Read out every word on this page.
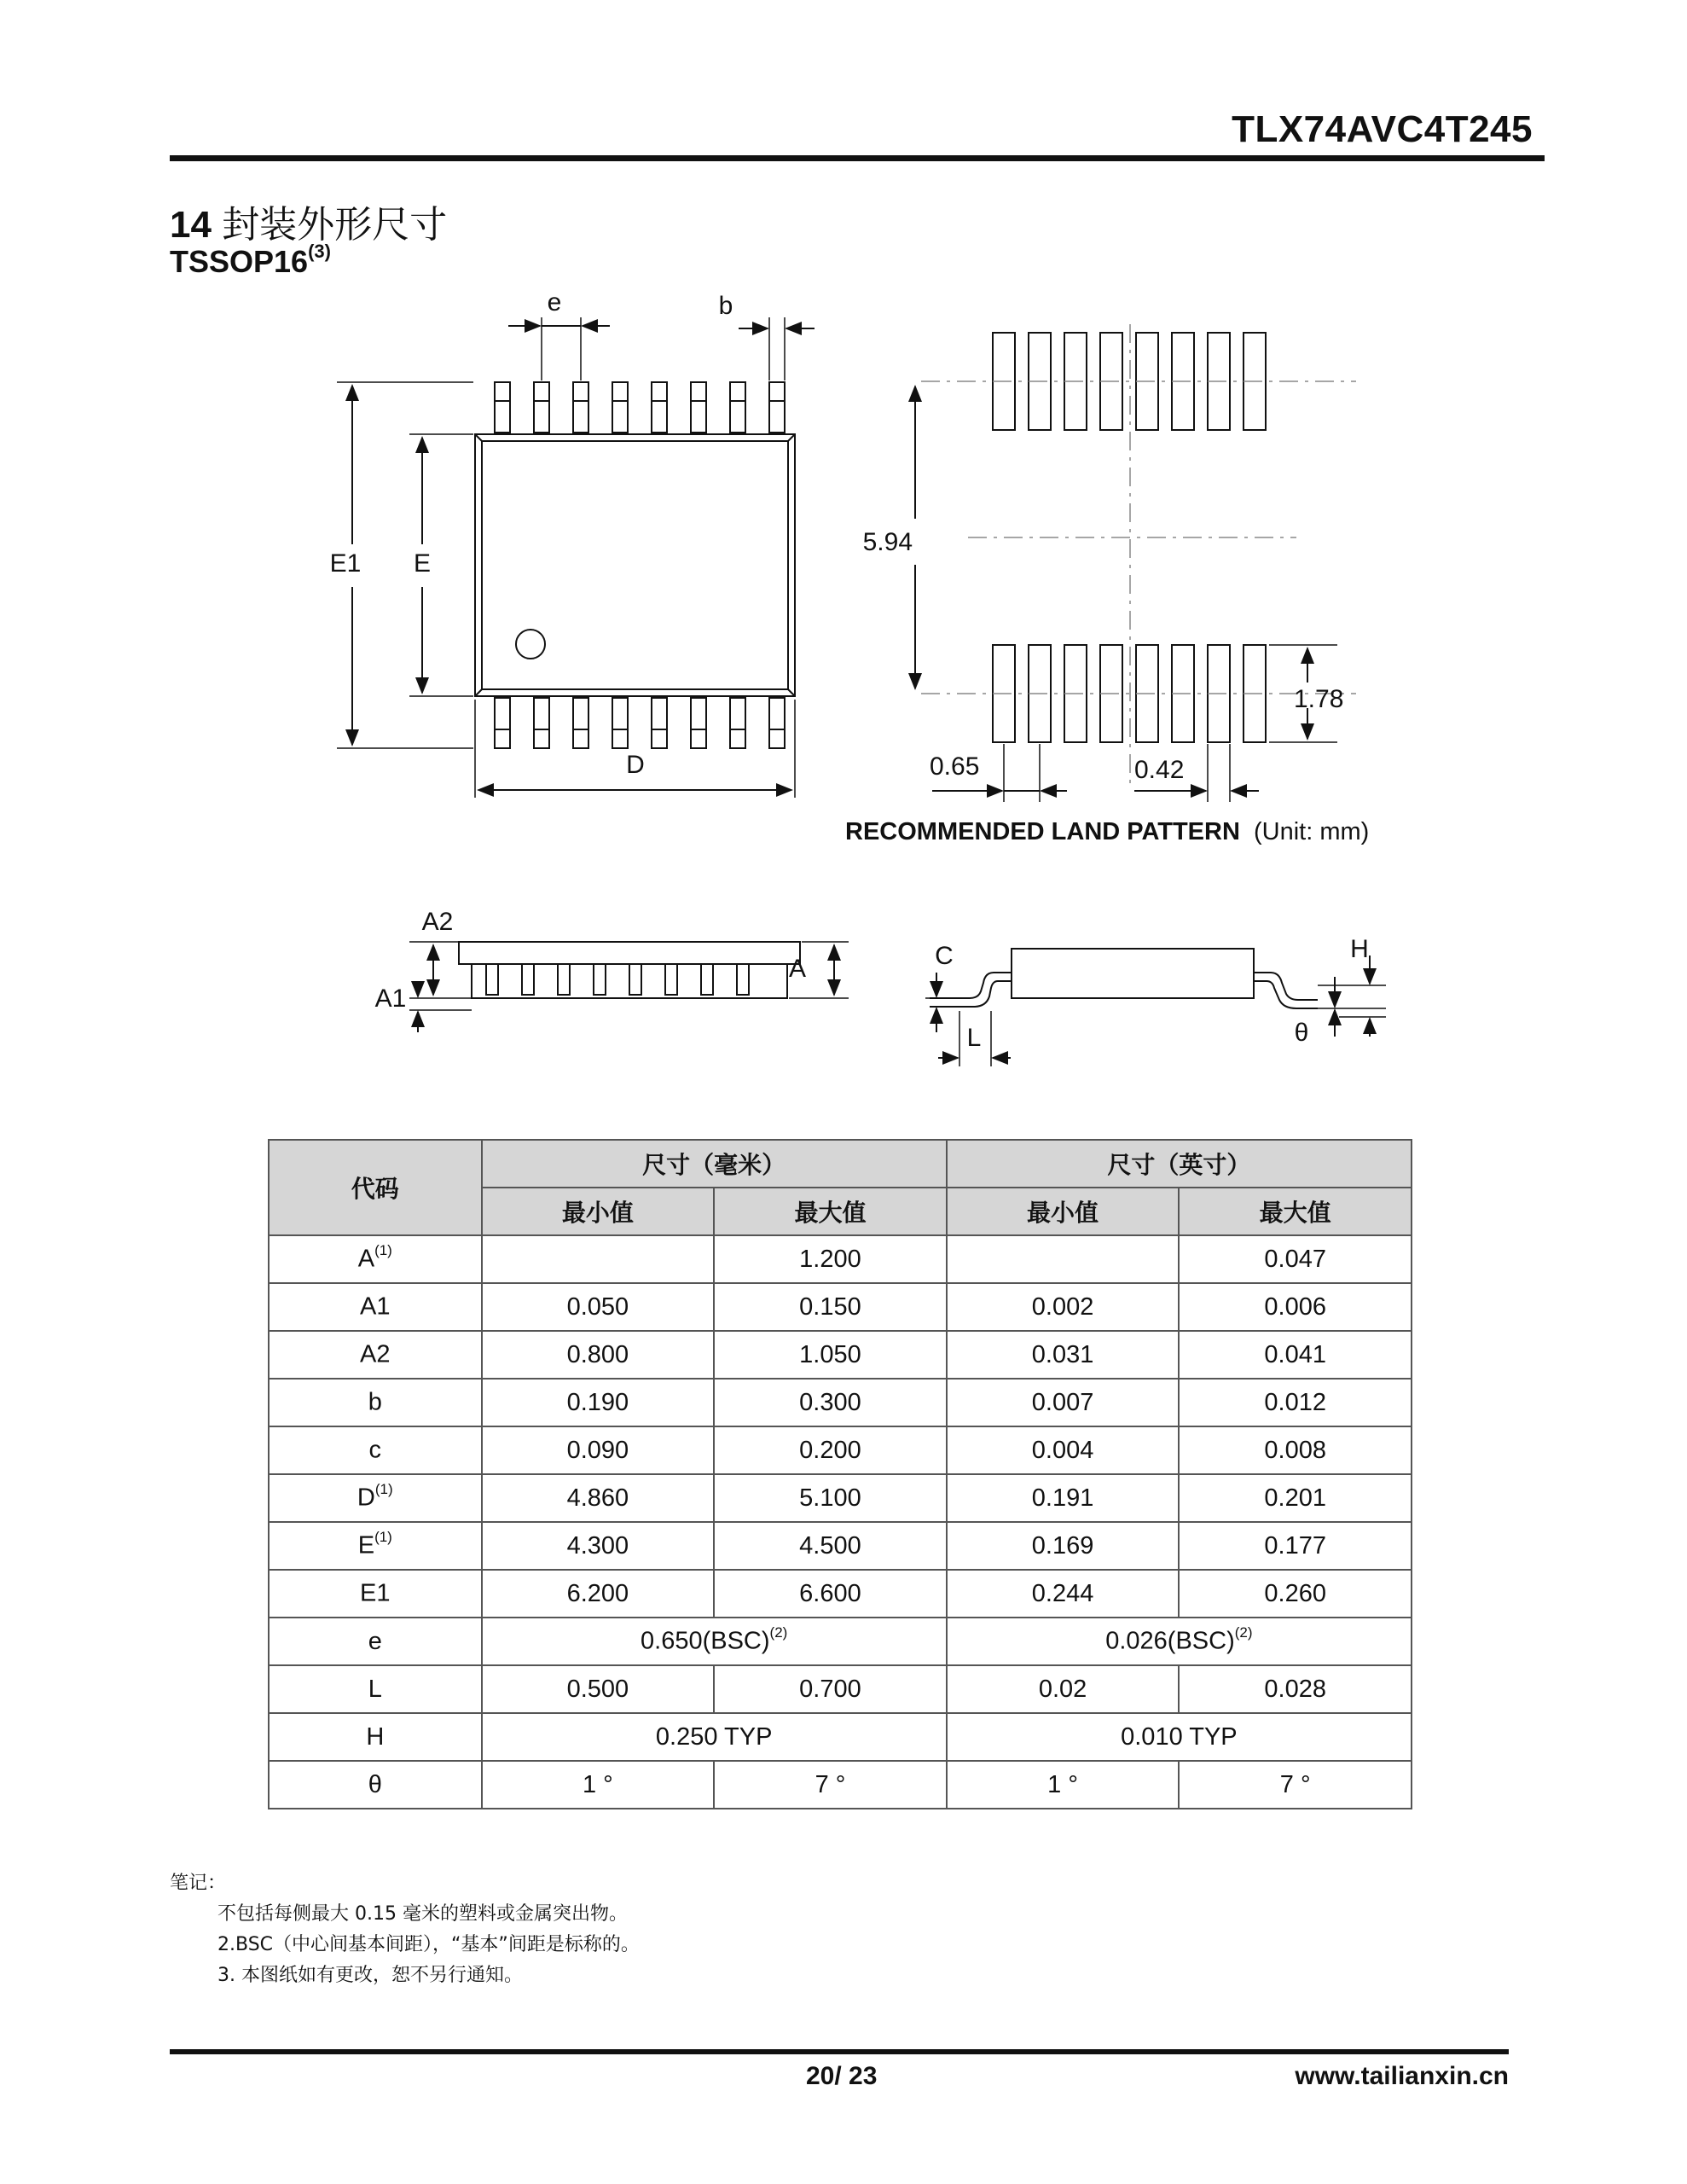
TLX74AVC4T245
14 封装外形尺寸
TSSOP16$^{(3)}$
E1 E
D
e	b
5.94
1.78
0.65	0.42
RECOMMENDED LAND PATTERN (Unit: mm)
A2
A1
A	C
L
H
θ
代码	尺寸（毫米）		尺寸（英寸）	
	最小值	最大值	最小值	最大值
$A^{(1)}$		1.200		0.047
A1	0.050	0.150	0.002	0.006
A2	0.800	1.050	0.031	0.041
b	0.190	0.300	0.007	0.012
c	0.090	0.200	0.004	0.008
$D^{(1)}$	4.860	5.100	0.191	0.201
$E^{(1)}$	4.300	4.500	0.169	0.177
E1	6.200	6.600	0.244	0.260
e	0.650(BSC)$^{(2)}$		0.026(BSC)$^{(2)}$
L	0.500	0.700	0.02	0.028
H	0.250 TYP		0.010 TYP	
θ	1 °	7 °	1 °	7 °
笔记：
不包括每侧最大 0.15 毫米的塑料或金属突出物。
2.BSC（中心间基本间距），“基本”间距是标称的。
3. 本图纸如有更改，恕不另行通知。
20/ 23	www.tailianxin.cn
